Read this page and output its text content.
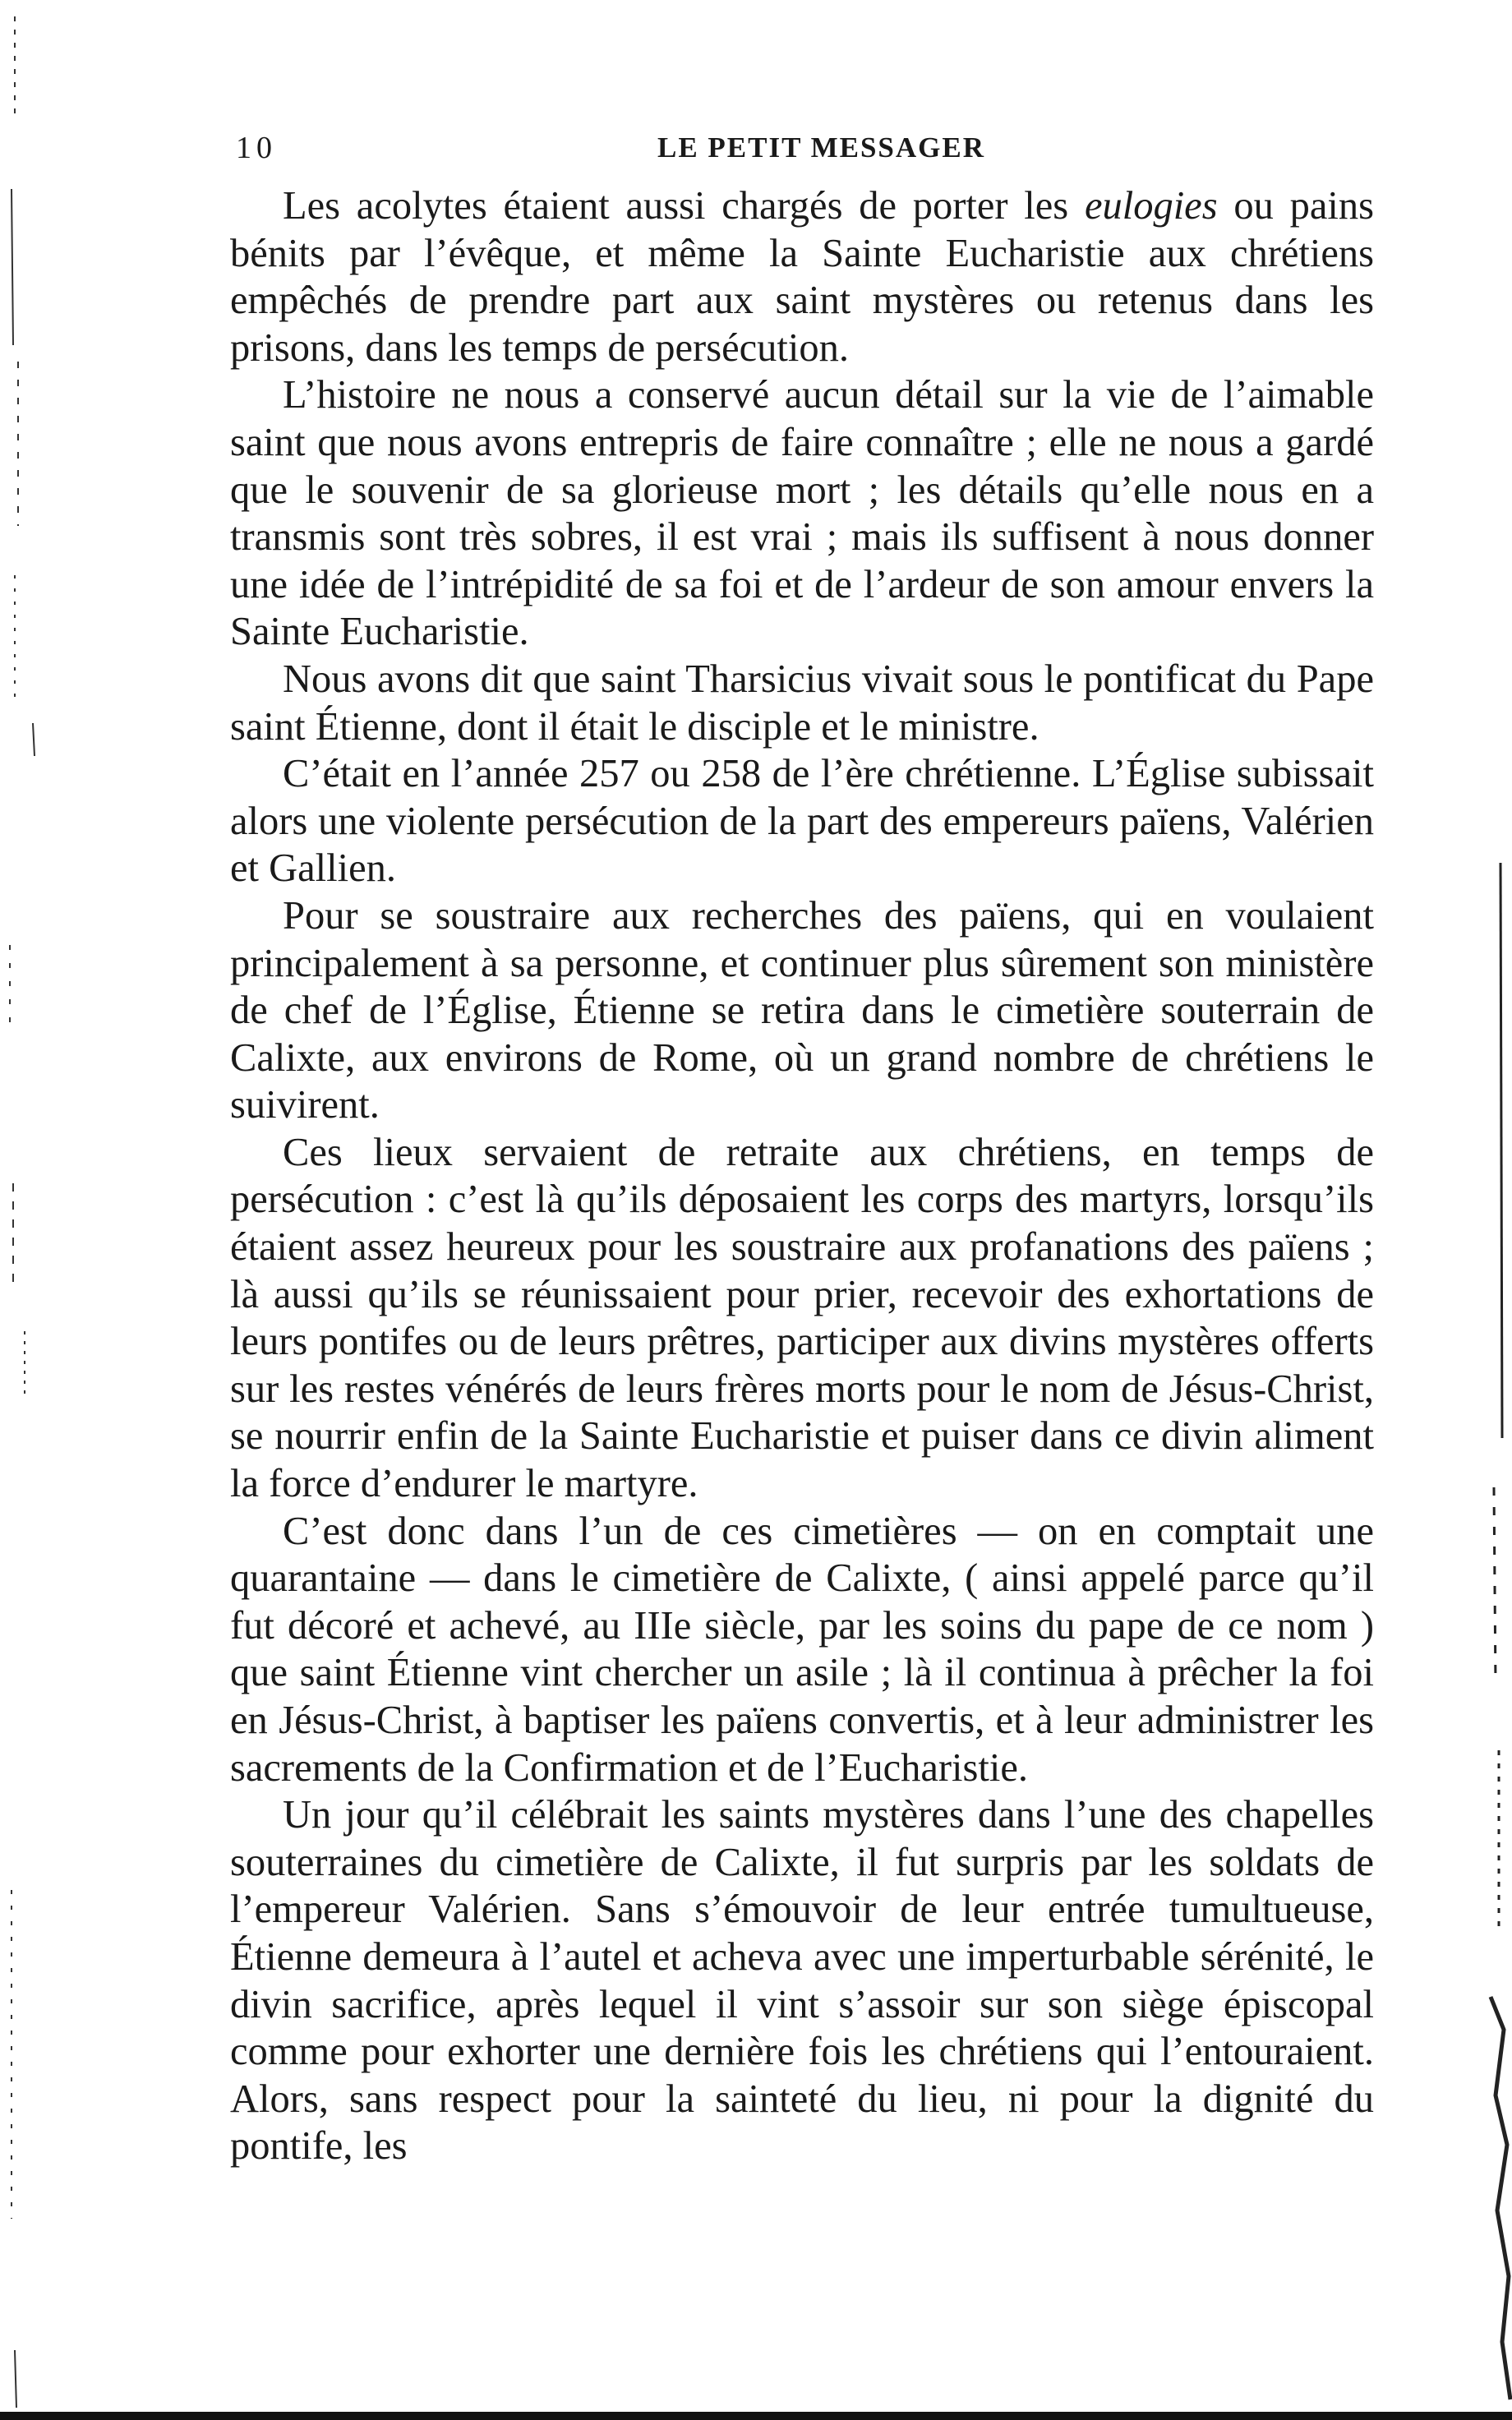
10	LE PETIT MESSAGER

Les acolytes étaient aussi chargés de porter les eulogies ou pains bénits par l’évêque, et même la Sainte Eucharistie aux chrétiens empêchés de prendre part aux saint mystères ou retenus dans les prisons, dans les temps de persécution.

L’histoire ne nous a conservé aucun détail sur la vie de l’aimable saint que nous avons entrepris de faire connaître ; elle ne nous a gardé que le souvenir de sa glorieuse mort ; les détails qu’elle nous en a transmis sont très sobres, il est vrai ; mais ils suffisent à nous donner une idée de l’intrépidité de sa foi et de l’ardeur de son amour envers la Sainte Eucharistie.

Nous avons dit que saint Tharsicius vivait sous le pontificat du Pape saint Étienne, dont il était le disciple et le ministre.

C’était en l’année 257 ou 258 de l’ère chrétienne. L’Église subissait alors une violente persécution de la part des empereurs païens, Valérien et Gallien.

Pour se soustraire aux recherches des païens, qui en voulaient principalement à sa personne, et continuer plus sûrement son ministère de chef de l’Église, Étienne se retira dans le cimetière souterrain de Calixte, aux environs de Rome, où un grand nombre de chrétiens le suivirent.

Ces lieux servaient de retraite aux chrétiens, en temps de persécution : c’est là qu’ils déposaient les corps des martyrs, lorsqu’ils étaient assez heureux pour les soustraire aux profanations des païens ; là aussi qu’ils se réunissaient pour prier, recevoir des exhortations de leurs pontifes ou de leurs prêtres, participer aux divins mystères offerts sur les restes vénérés de leurs frères morts pour le nom de Jésus-Christ, se nourrir enfin de la Sainte Eucharistie et puiser dans ce divin aliment la force d’endurer le martyre.

C’est donc dans l’un de ces cimetières — on en comptait une quarantaine — dans le cimetière de Calixte, ( ainsi appelé parce qu’il fut décoré et achevé, au IIIe siècle, par les soins du pape de ce nom ) que saint Étienne vint chercher un asile ; là il continua à prêcher la foi en Jésus-Christ, à baptiser les païens convertis, et à leur administrer les sacrements de la Confirmation et de l’Eucharistie.

Un jour qu’il célébrait les saints mystères dans l’une des chapelles souterraines du cimetière de Calixte, il fut surpris par les soldats de l’empereur Valérien. Sans s’émouvoir de leur entrée tumultueuse, Étienne demeura à l’autel et acheva avec une imperturbable sérénité, le divin sacrifice, après lequel il vint s’assoir sur son siège épiscopal comme pour exhorter une dernière fois les chrétiens qui l’entouraient. Alors, sans respect pour la sainteté du lieu, ni pour la dignité du pontife, les
